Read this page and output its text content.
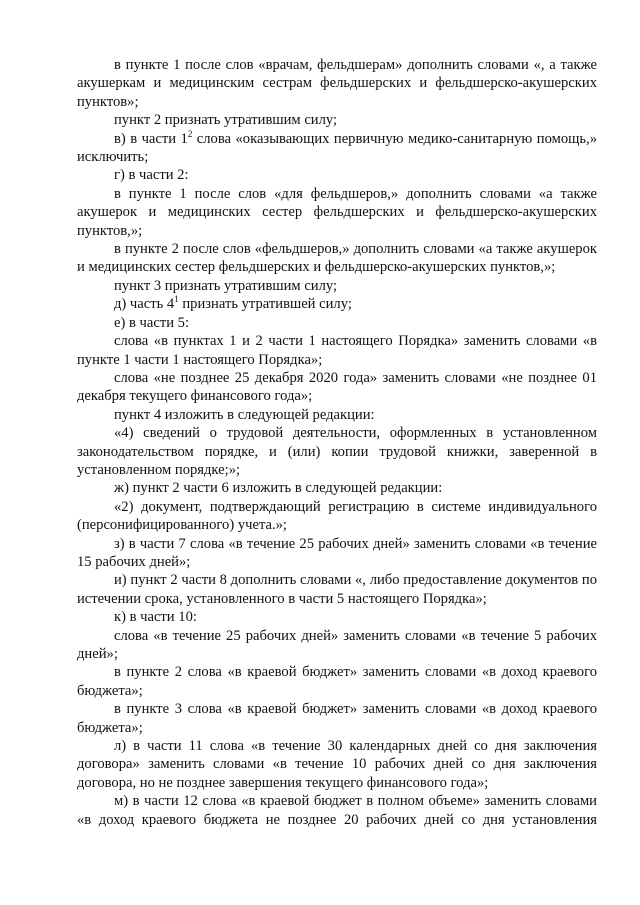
в пункте 1 после слов «врачам, фельдшерам» дополнить словами «, а также акушеркам и медицинским сестрам фельдшерских и фельдшерско-акушерских пунктов»;

пункт 2 признать утратившим силу;

в) в части $1^2$ слова «оказывающих первичную медико-санитарную помощь,» исключить;

г) в части 2:

в пункте 1 после слов «для фельдшеров,» дополнить словами «а также акушерок и медицинских сестер фельдшерских и фельдшерско-акушерских пунктов,»;

в пункте 2 после слов «фельдшеров,» дополнить словами «а также акушерок и медицинских сестер фельдшерских и фельдшерско-акушерских пунктов,»;

пункт 3 признать утратившим силу;

д) часть $4^1$ признать утратившей силу;

е) в части 5:

слова «в пунктах 1 и 2 части 1 настоящего Порядка» заменить словами «в пункте 1 части 1 настоящего Порядка»;

слова «не позднее 25 декабря 2020 года» заменить словами «не позднее 01 декабря текущего финансового года»;

пункт 4 изложить в следующей редакции:

«4) сведений о трудовой деятельности, оформленных в установленном законодательством порядке, и (или) копии трудовой книжки, заверенной в установленном порядке;»;

ж) пункт 2 части 6 изложить в следующей редакции:

«2) документ, подтверждающий регистрацию в системе индивидуального (персонифицированного) учета.»;

з) в части 7 слова «в течение 25 рабочих дней» заменить словами «в течение 15 рабочих дней»;

и) пункт 2 части 8 дополнить словами «, либо предоставление документов по истечении срока, установленного в части 5 настоящего Порядка»;

к) в части 10:

слова «в течение 25 рабочих дней» заменить словами «в течение 5 рабочих дней»;

в пункте 2 слова «в краевой бюджет» заменить словами «в доход краевого бюджета»;

в пункте 3 слова «в краевой бюджет» заменить словами «в доход краевого бюджета»;

л) в части 11 слова «в течение 30 календарных дней со дня заключения договора» заменить словами «в течение 10 рабочих дней со дня заключения договора, но не позднее завершения текущего финансового года»;

м) в части 12 слова «в краевой бюджет в полном объеме» заменить словами «в доход краевого бюджета не позднее 20 рабочих дней со дня установления
